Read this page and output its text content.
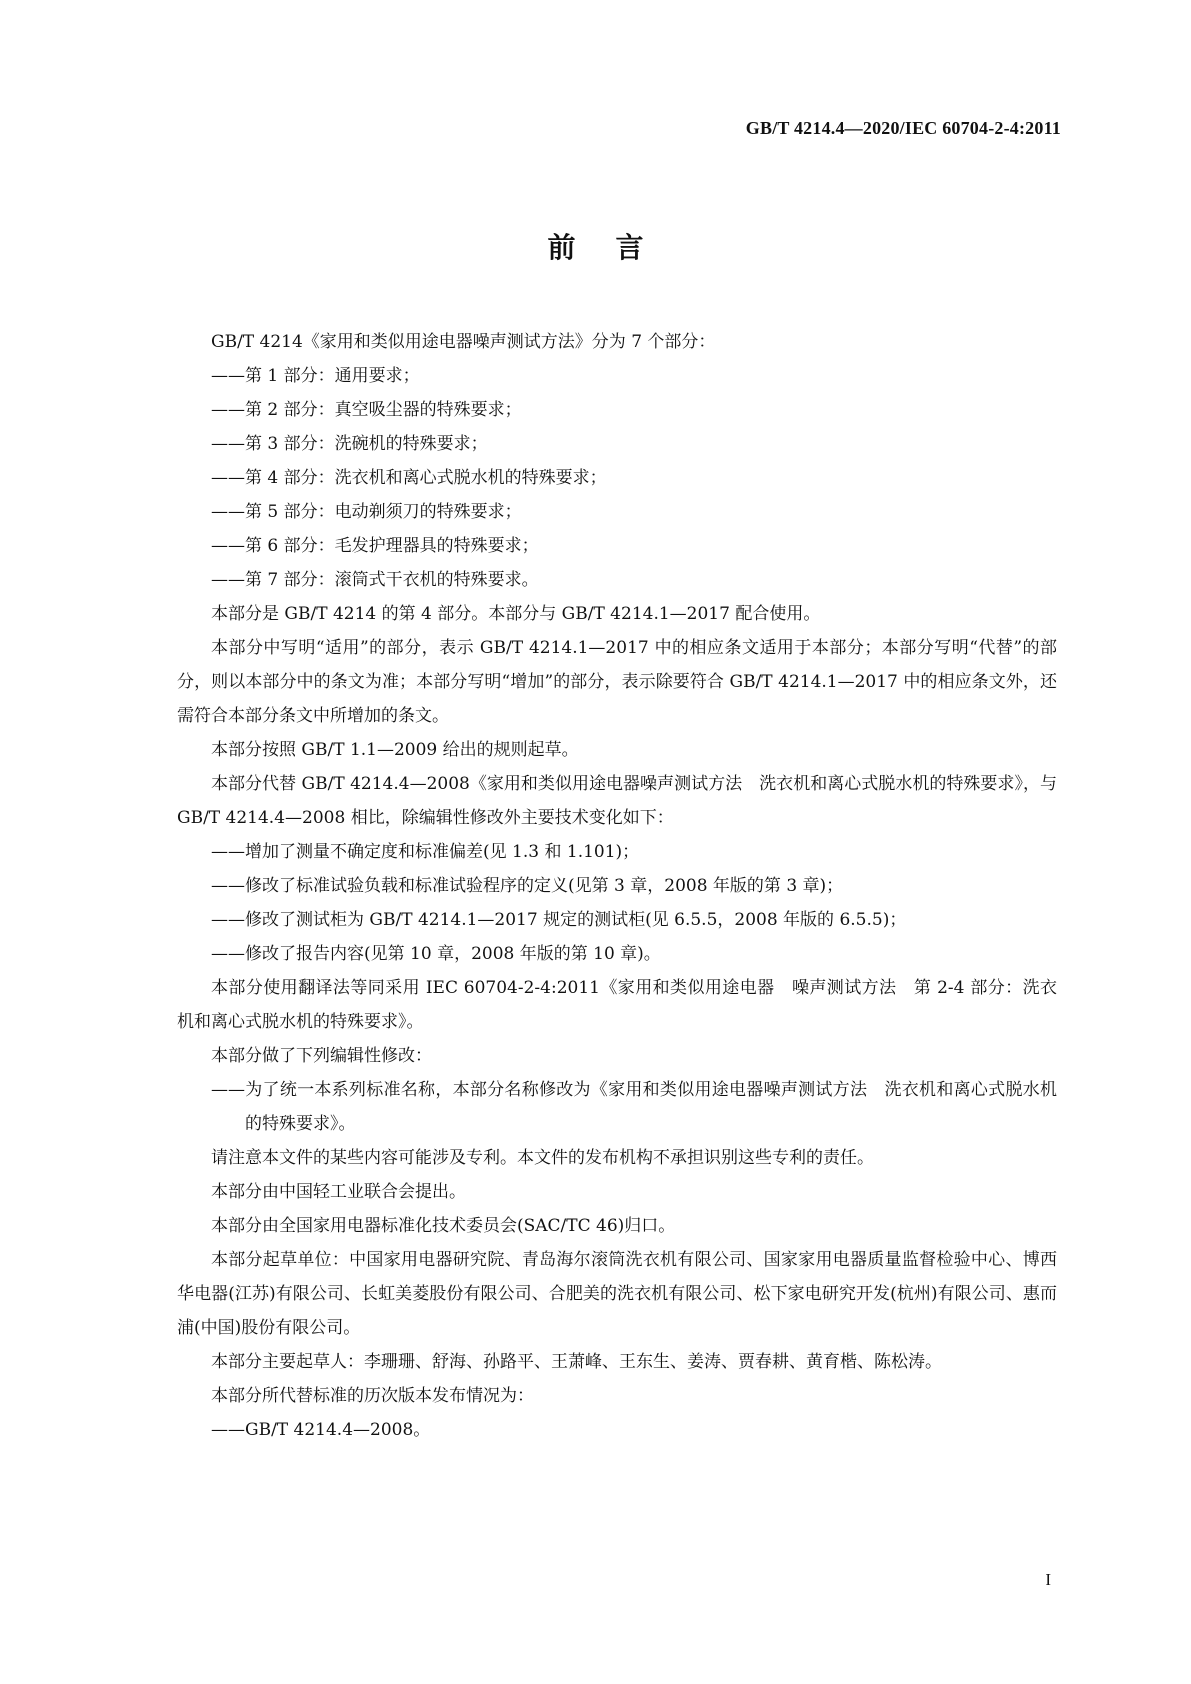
GB/T 4214.4—2020/IEC 60704-2-4:2011
前言

GB/T 4214《家用和类似用途电器噪声测试方法》分为 7 个部分：

——第 1 部分：通用要求；

——第 2 部分：真空吸尘器的特殊要求；

——第 3 部分：洗碗机的特殊要求；

——第 4 部分：洗衣机和离心式脱水机的特殊要求；

——第 5 部分：电动剃须刀的特殊要求；

——第 6 部分：毛发护理器具的特殊要求；

——第 7 部分：滚筒式干衣机的特殊要求。

本部分是 GB/T 4214 的第 4 部分。本部分与 GB/T 4214.1—2017 配合使用。

本部分中写明“适用”的部分，表示 GB/T 4214.1—2017 中的相应条文适用于本部分；本部分写明“代替”的部分，则以本部分中的条文为准；本部分写明“增加”的部分，表示除要符合 GB/T 4214.1—2017 中的相应条文外，还需符合本部分条文中所增加的条文。

本部分按照 GB/T 1.1—2009 给出的规则起草。

本部分代替 GB/T 4214.4—2008《家用和类似用途电器噪声测试方法　洗衣机和离心式脱水机的特殊要求》，与 GB/T 4214.4—2008 相比，除编辑性修改外主要技术变化如下：

——增加了测量不确定度和标准偏差(见 1.3 和 1.101)；

——修改了标准试验负载和标准试验程序的定义(见第 3 章，2008 年版的第 3 章)；

——修改了测试柜为 GB/T 4214.1—2017 规定的测试柜(见 6.5.5，2008 年版的 6.5.5)；

——修改了报告内容(见第 10 章，2008 年版的第 10 章)。

本部分使用翻译法等同采用 IEC 60704-2-4:2011《家用和类似用途电器　噪声测试方法　第 2-4 部分：洗衣机和离心式脱水机的特殊要求》。

本部分做了下列编辑性修改：

——为了统一本系列标准名称，本部分名称修改为《家用和类似用途电器噪声测试方法　洗衣机和离心式脱水机的特殊要求》。

请注意本文件的某些内容可能涉及专利。本文件的发布机构不承担识别这些专利的责任。

本部分由中国轻工业联合会提出。

本部分由全国家用电器标准化技术委员会(SAC/TC 46)归口。

本部分起草单位：中国家用电器研究院、青岛海尔滚筒洗衣机有限公司、国家家用电器质量监督检验中心、博西华电器(江苏)有限公司、长虹美菱股份有限公司、合肥美的洗衣机有限公司、松下家电研究开发(杭州)有限公司、惠而浦(中国)股份有限公司。

本部分主要起草人：李珊珊、舒海、孙路平、王萧峰、王东生、姜涛、贾春耕、黄育楷、陈松涛。

本部分所代替标准的历次版本发布情况为：

——GB/T 4214.4—2008。

I
